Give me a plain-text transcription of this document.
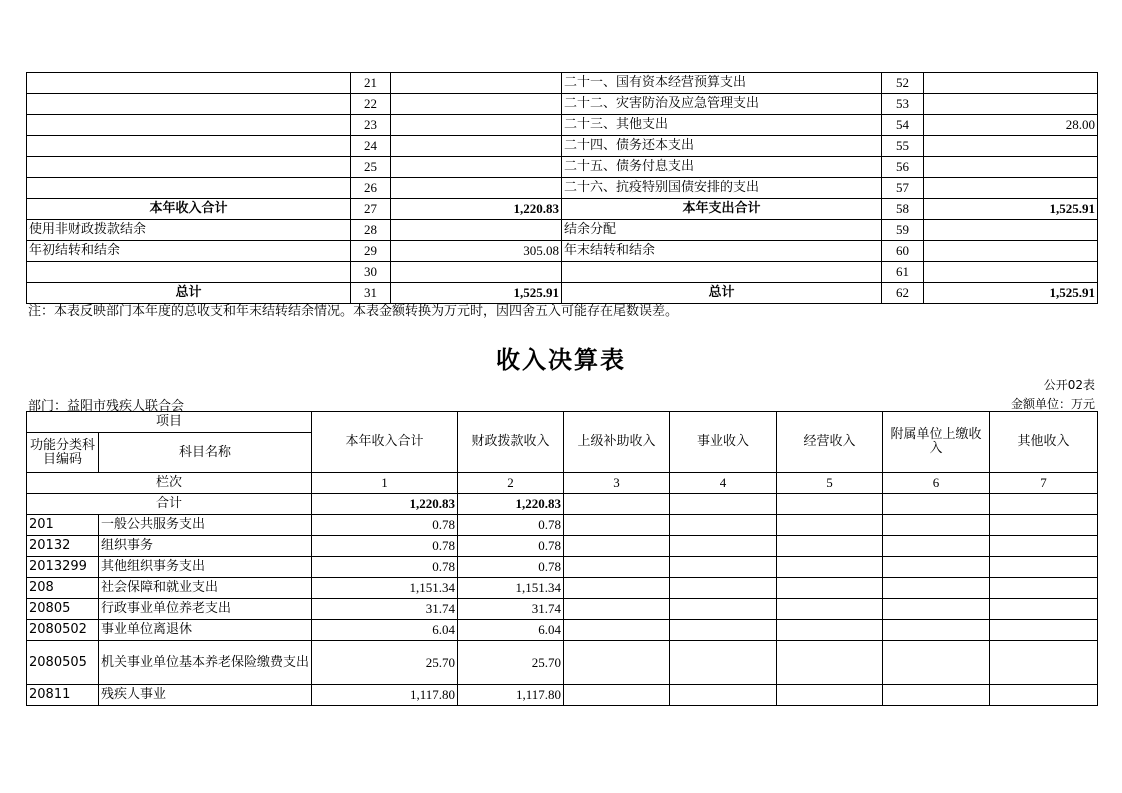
	21		二十一、国有资本经营预算支出	52	
	22		二十二、灾害防治及应急管理支出	53	
	23		二十三、其他支出	54	28.00
	24		二十四、债务还本支出	55	
	25		二十五、债务付息支出	56	
	26		二十六、抗疫特别国债安排的支出	57	
本年收入合计	27	1,220.83	本年支出合计	58	1,525.91
使用非财政拨款结余	28		结余分配	59	
年初结转和结余	29	305.08	年末结转和结余	60	
	30			61	
总计	31	1,525.91	总计	62	1,525.91
注：本表反映部门本年度的总收支和年末结转结余情况。本表金额转换为万元时，因四舍五入可能存在尾数误差。
收入决算表
公开02表
部门：益阳市残疾人联合会	金额单位：万元
项目		本年收入合计	财政拨款收入	上级补助收入	事业收入	经营收入	附属单位上缴收入	其他收入
功能分类科目编码	科目名称							
栏次		1	2	3	4	5	6	7
合计		1,220.83	1,220.83					
201	一般公共服务支出	0.78	0.78					
20132	组织事务	0.78	0.78					
2013299	其他组织事务支出	0.78	0.78					
208	社会保障和就业支出	1,151.34	1,151.34					
20805	行政事业单位养老支出	31.74	31.74					
2080502	事业单位离退休	6.04	6.04					
2080505	机关事业单位基本养老保险缴费支出	25.70	25.70					
20811	残疾人事业	1,117.80	1,117.80					
